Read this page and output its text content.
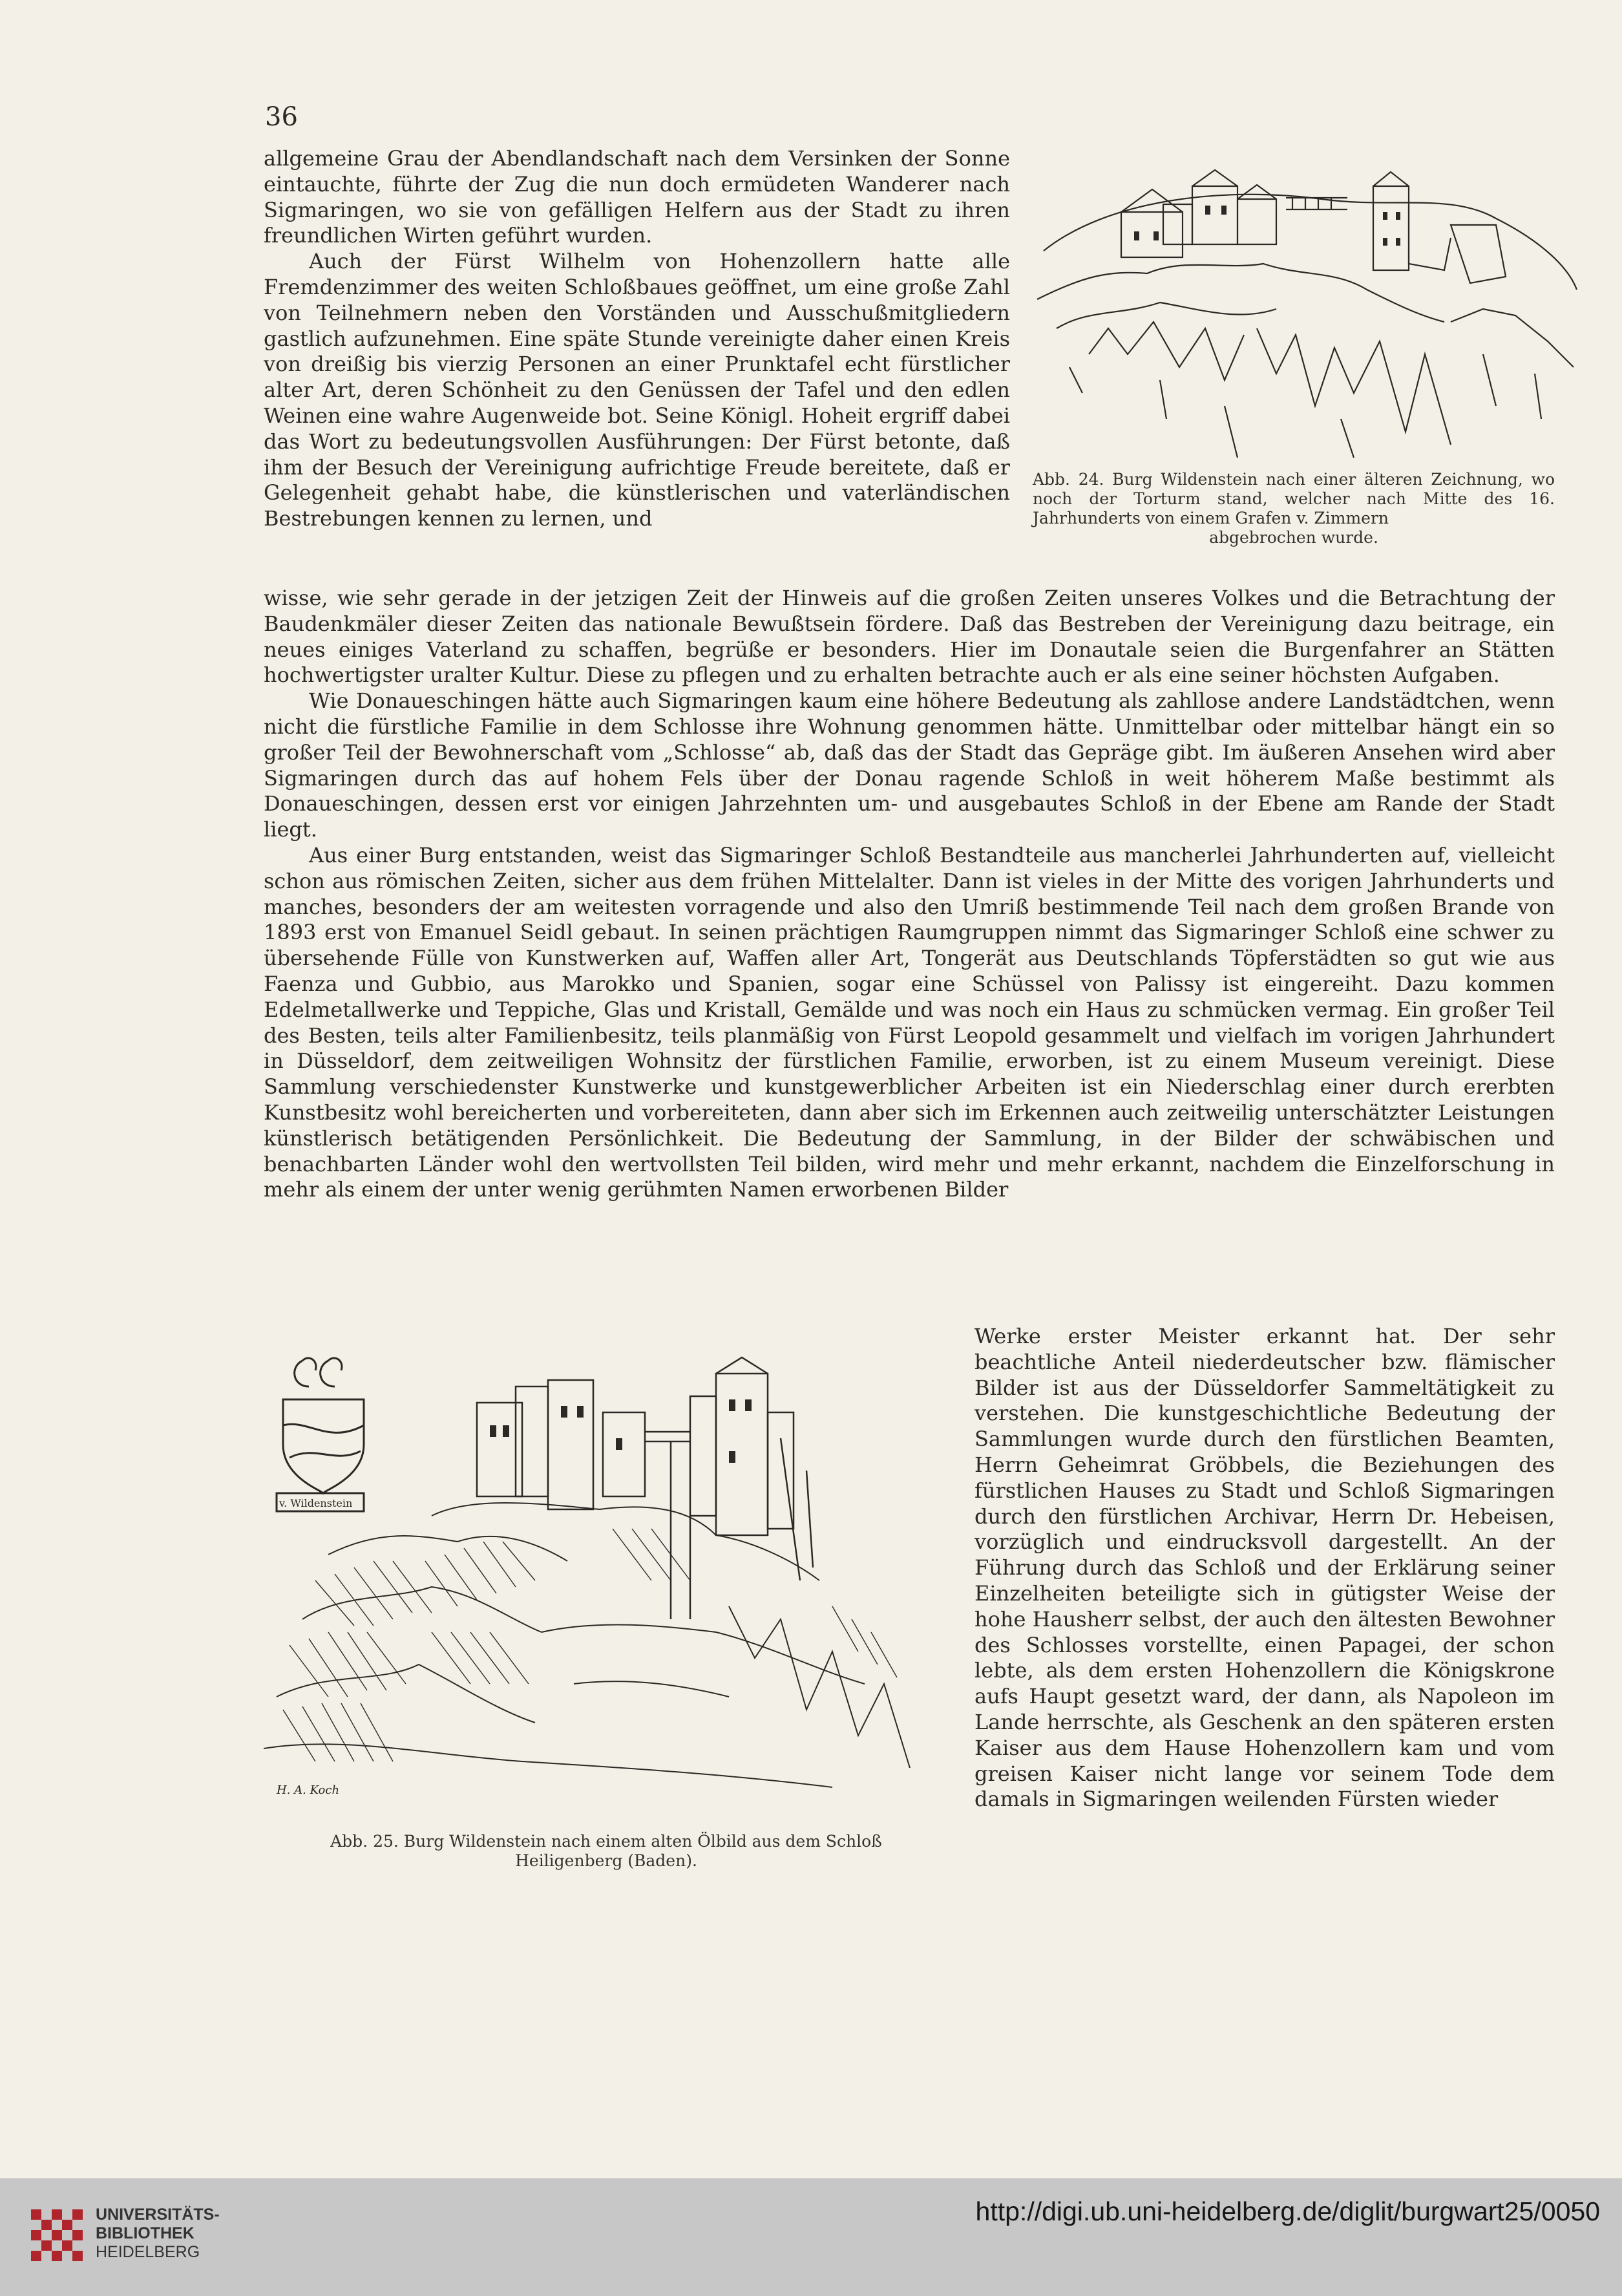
36

allgemeine Grau der Abendlandschaft nach dem Versinken der Sonne eintauchte, führte der Zug die nun doch ermüdeten Wanderer nach Sigmaringen, wo sie von gefälligen Helfern aus der Stadt zu ihren freundlichen Wirten geführt wurden.

Auch der Fürst Wilhelm von Hohenzollern hatte alle Fremdenzimmer des weiten Schloßbaues geöffnet, um eine große Zahl von Teilnehmern neben den Vorständen und Ausschußmitgliedern gastlich aufzunehmen. Eine späte Stunde vereinigte daher einen Kreis von dreißig bis vierzig Personen an einer Prunktafel echt fürstlicher alter Art, deren Schönheit zu den Genüssen der Tafel und den edlen Weinen eine wahre Augenweide bot. Seine Königl. Hoheit ergriff dabei das Wort zu bedeutungsvollen Ausführungen: Der Fürst betonte, daß ihm der Besuch der Vereinigung aufrichtige Freude bereitete, daß er Gelegenheit gehabt habe, die künstlerischen und vaterländischen Bestrebungen kennen zu lernen, und

Abb. 24. Burg Wildenstein nach einer älteren Zeichnung, wo noch der Torturm stand, welcher nach Mitte des 16. Jahrhunderts von einem Grafen v. Zimmern
abgebrochen wurde.

wisse, wie sehr gerade in der jetzigen Zeit der Hinweis auf die großen Zeiten unseres Volkes und die Betrachtung der Baudenkmäler dieser Zeiten das nationale Bewußtsein fördere. Daß das Bestreben der Vereinigung dazu beitrage, ein neues einiges Vaterland zu schaffen, begrüße er besonders. Hier im Donautale seien die Burgenfahrer an Stätten hochwertigster uralter Kultur. Diese zu pflegen und zu erhalten betrachte auch er als eine seiner höchsten Aufgaben.

Wie Donaueschingen hätte auch Sigmaringen kaum eine höhere Bedeutung als zahllose andere Landstädtchen, wenn nicht die fürstliche Familie in dem Schlosse ihre Wohnung genommen hätte. Unmittelbar oder mittelbar hängt ein so großer Teil der Bewohnerschaft vom „Schlosse“ ab, daß das der Stadt das Gepräge gibt. Im äußeren Ansehen wird aber Sigmaringen durch das auf hohem Fels über der Donau ragende Schloß in weit höherem Maße bestimmt als Donaueschingen, dessen erst vor einigen Jahrzehnten um- und ausgebautes Schloß in der Ebene am Rande der Stadt liegt.

Aus einer Burg entstanden, weist das Sigmaringer Schloß Bestandteile aus mancherlei Jahrhunderten auf, vielleicht schon aus römischen Zeiten, sicher aus dem frühen Mittelalter. Dann ist vieles in der Mitte des vorigen Jahrhunderts und manches, besonders der am weitesten vorragende und also den Umriß bestimmende Teil nach dem großen Brande von 1893 erst von Emanuel Seidl gebaut. In seinen prächtigen Raumgruppen nimmt das Sigmaringer Schloß eine schwer zu übersehende Fülle von Kunstwerken auf, Waffen aller Art, Tongerät aus Deutschlands Töpferstädten so gut wie aus Faenza und Gubbio, aus Marokko und Spanien, sogar eine Schüssel von Palissy ist eingereiht. Dazu kommen Edelmetallwerke und Teppiche, Glas und Kristall, Gemälde und was noch ein Haus zu schmücken vermag. Ein großer Teil des Besten, teils alter Familienbesitz, teils planmäßig von Fürst Leopold gesammelt und vielfach im vorigen Jahrhundert in Düsseldorf, dem zeitweiligen Wohnsitz der fürstlichen Familie, erworben, ist zu einem Museum vereinigt. Diese Sammlung verschiedenster Kunstwerke und kunstgewerblicher Arbeiten ist ein Niederschlag einer durch ererbten Kunstbesitz wohl bereicherten und vorbereiteten, dann aber sich im Erkennen auch zeitweilig unterschätzter Leistungen künstlerisch betätigenden Persönlichkeit. Die Bedeutung der Sammlung, in der Bilder der schwäbischen und benachbarten Länder wohl den wertvollsten Teil bilden, wird mehr und mehr erkannt, nachdem die Einzelforschung in mehr als einem der unter wenig gerühmten Namen erworbenen Bilder

v. Wildenstein
H. A. Koch

Werke erster Meister erkannt hat. Der sehr beachtliche Anteil niederdeutscher bzw. flämischer Bilder ist aus der Düsseldorfer Sammeltätigkeit zu verstehen. Die kunstgeschichtliche Bedeutung der Sammlungen wurde durch den fürstlichen Beamten, Herrn Geheimrat Gröbbels, die Beziehungen des fürstlichen Hauses zu Stadt und Schloß Sigmaringen durch den fürstlichen Archivar, Herrn Dr. Hebeisen, vorzüglich und eindrucksvoll dargestellt. An der Führung durch das Schloß und der Erklärung seiner Einzelheiten beteiligte sich in gütigster Weise der hohe Hausherr selbst, der auch den ältesten Bewohner des Schlosses vorstellte, einen Papagei, der schon lebte, als dem ersten Hohenzollern die Königskrone aufs Haupt gesetzt ward, der dann, als Napoleon im Lande herrschte, als Geschenk an den späteren ersten Kaiser aus dem Hause Hohenzollern kam und vom greisen Kaiser nicht lange vor seinem Tode dem damals in Sigmaringen weilenden Fürsten wieder

Abb. 25. Burg Wildenstein nach einem alten Ölbild aus dem Schloß
Heiligenberg (Baden).
UNIVERSITÄTS-
BIBLIOTHEK
HEIDELBERG
http://digi.ub.uni-heidelberg.de/diglit/burgwart25/0050
